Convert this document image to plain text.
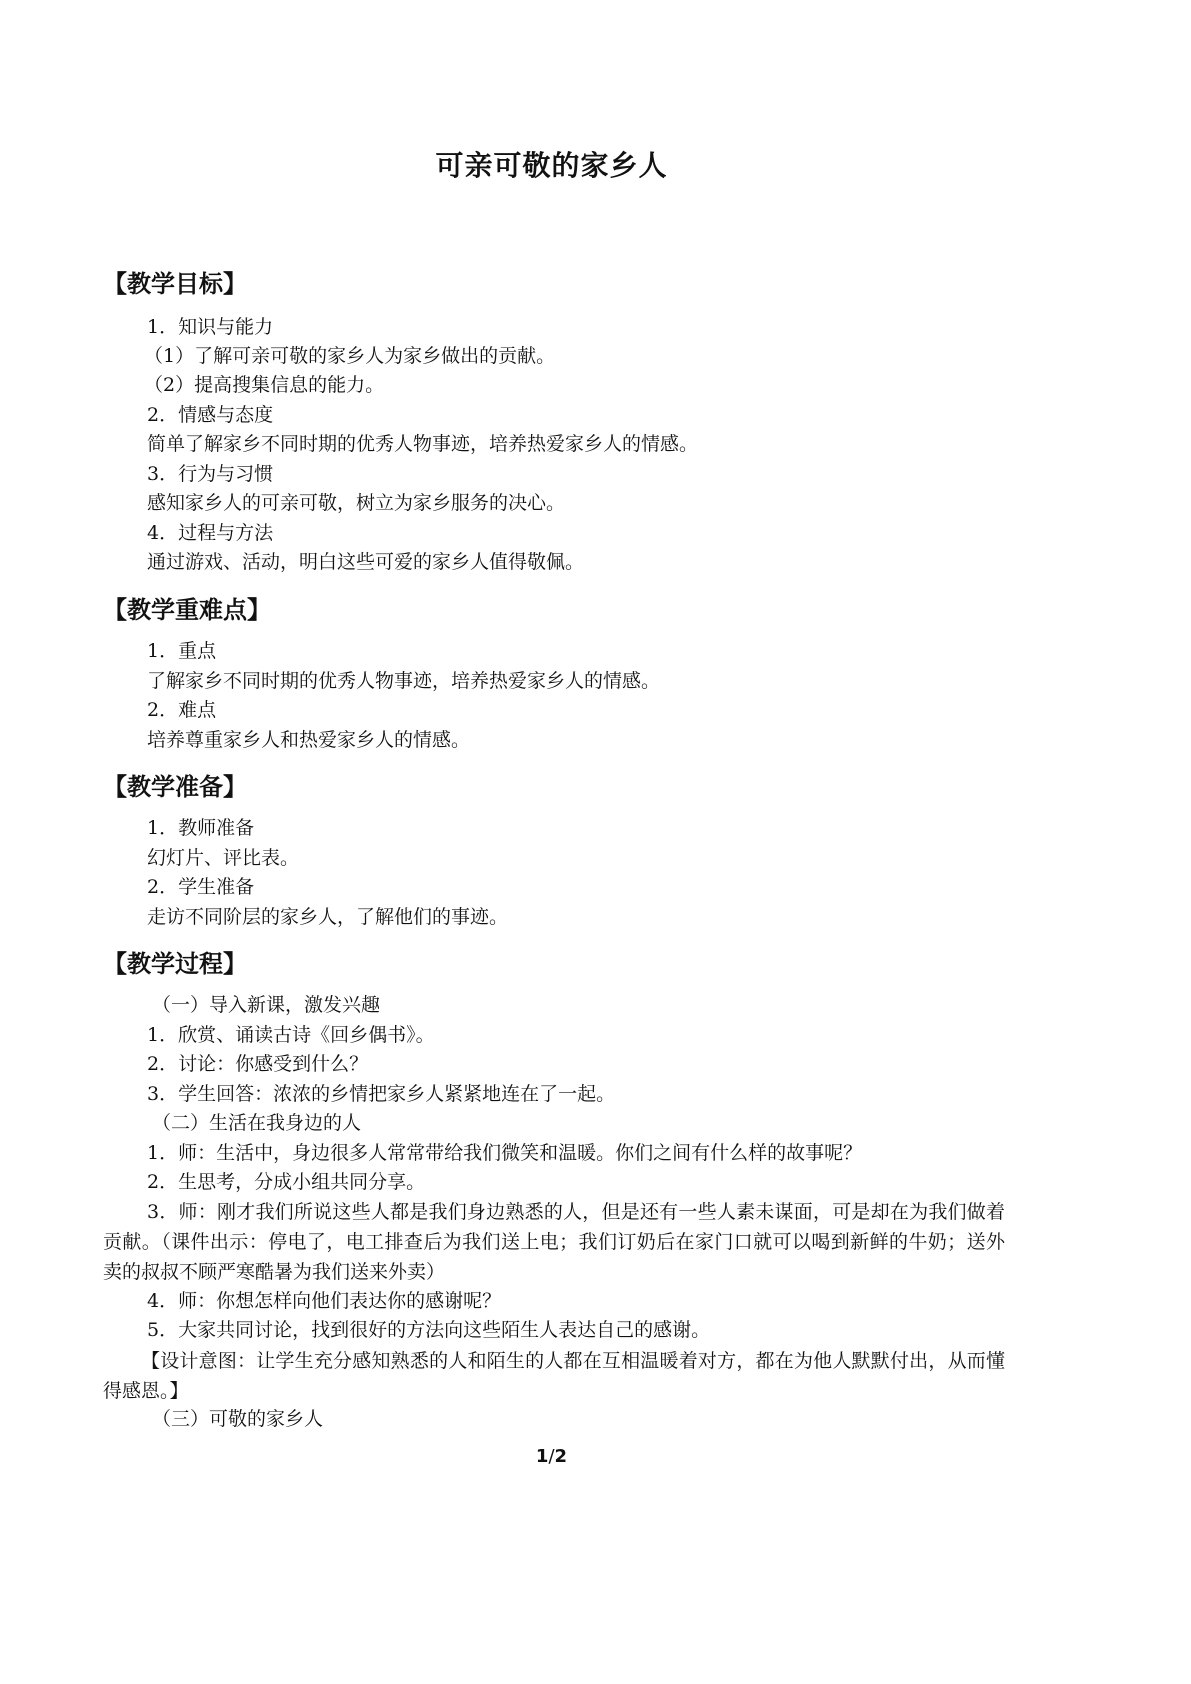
可亲可敬的家乡人
【教学目标】
1．知识与能力
（1）了解可亲可敬的家乡人为家乡做出的贡献。
（2）提高搜集信息的能力。
2．情感与态度
简单了解家乡不同时期的优秀人物事迹，培养热爱家乡人的情感。
3．行为与习惯
感知家乡人的可亲可敬，树立为家乡服务的决心。
4．过程与方法
通过游戏、活动，明白这些可爱的家乡人值得敬佩。
【教学重难点】
1．重点
了解家乡不同时期的优秀人物事迹，培养热爱家乡人的情感。
2．难点
培养尊重家乡人和热爱家乡人的情感。
【教学准备】
1．教师准备
幻灯片、评比表。
2．学生准备
走访不同阶层的家乡人，了解他们的事迹。
【教学过程】
（一）导入新课，激发兴趣
1．欣赏、诵读古诗《回乡偶书》。
2．讨论：你感受到什么？
3．学生回答：浓浓的乡情把家乡人紧紧地连在了一起。
（二）生活在我身边的人
1．师：生活中，身边很多人常常带给我们微笑和温暖。你们之间有什么样的故事呢？
2．生思考，分成小组共同分享。
3．师：刚才我们所说这些人都是我们身边熟悉的人，但是还有一些人素未谋面，可是却在为我们做着贡献。（课件出示：停电了，电工排查后为我们送上电；我们订奶后在家门口就可以喝到新鲜的牛奶；送外卖的叔叔不顾严寒酷暑为我们送来外卖）
4．师：你想怎样向他们表达你的感谢呢？
5．大家共同讨论，找到很好的方法向这些陌生人表达自己的感谢。
【设计意图：让学生充分感知熟悉的人和陌生的人都在互相温暖着对方，都在为他人默默付出，从而懂得感恩。】
（三）可敬的家乡人
1/2
